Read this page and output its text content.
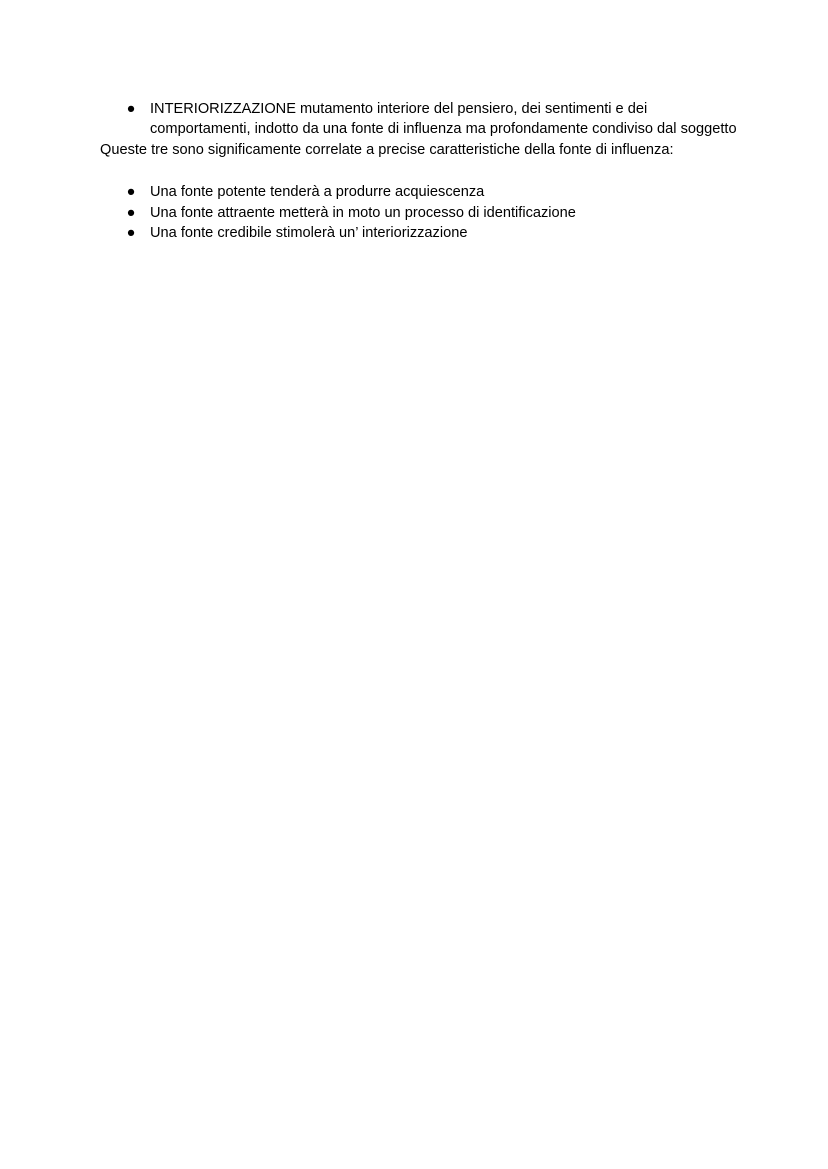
● INTERIORIZZAZIONE mutamento interiore del pensiero, dei sentimenti e dei comportamenti, indotto da una fonte di influenza ma profondamente condiviso dal soggetto

Queste tre sono significamente correlate a precise caratteristiche della fonte di influenza:

● Una fonte potente tenderà a produrre acquiescenza
● Una fonte attraente metterà in moto un processo di identificazione
● Una fonte credibile stimolerà un’ interiorizzazione
